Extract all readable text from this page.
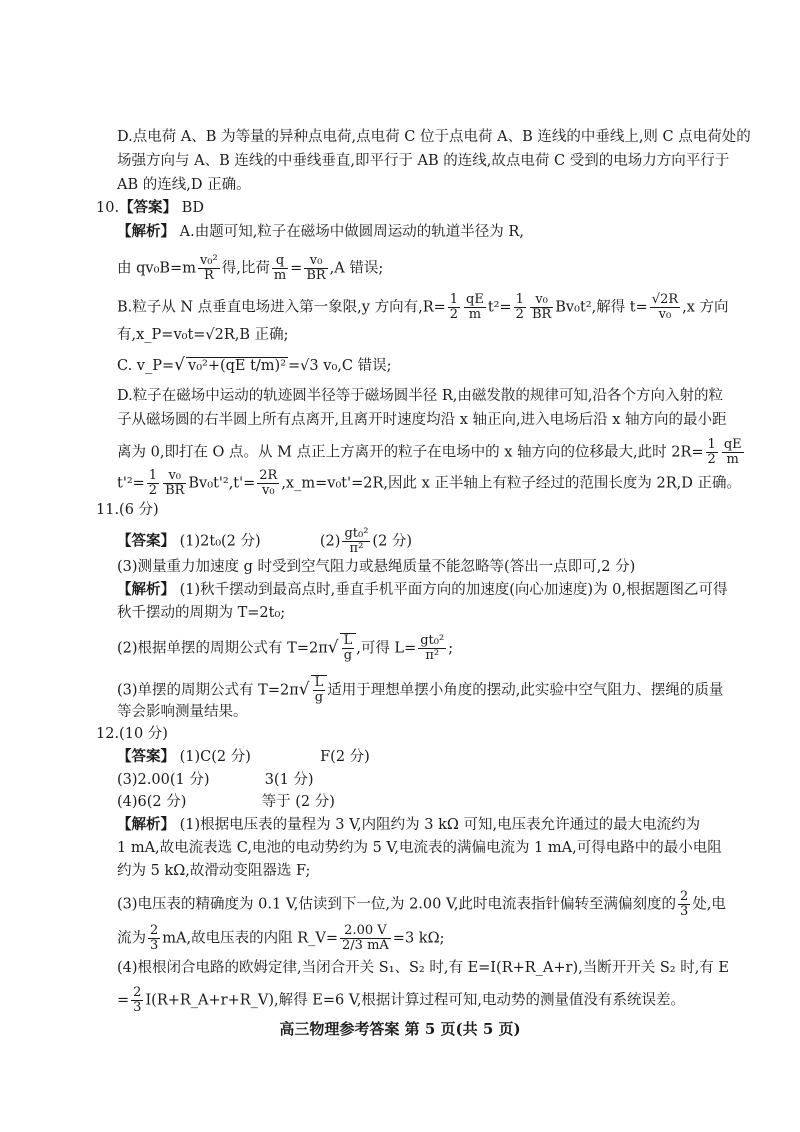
D.点电荷 A、B 为等量的异种点电荷,点电荷 C 位于点电荷 A、B 连线的中垂线上,则 C 点电荷处的
场强方向与 A、B 连线的中垂线垂直,即平行于 AB 的连线,故点电荷 C 受到的电场力方向平行于
AB 的连线,D 正确。
10.【答案】 BD
【解析】 A.由题可知,粒子在磁场中做圆周运动的轨道半径为 R,
由 $qv_0B=m \frac{\text{v₀²}}{R}$ 得,比荷 $\frac{q}{m} = \frac{\text{v₀}}{BR} ,A$ 错误;
B.粒子从 N 点垂直电场进入第一象限,y 方向有$,R= \frac{1}{2} \frac{qE}{m} t^2= \frac{1}{2} \frac{\text{v₀}}{BR} Bv_0t^2$,解得 $t= \frac{√2R}{\text{v₀}} ,x$ 方向
有,x_P=v₀t=√2R,B 正确;
C. v_P=√ v₀²+(qE t/m)² =√3 v₀,C 错误;
D.粒子在磁场中运动的轨迹圆半径等于磁场圆半径 R,由磁发散的规律可知,沿各个方向入射的粒
子从磁场圆的右半圆上所有点离开,且离开时速度均沿 x 轴正向,进入电场后沿 x 轴方向的最小距
离为 0,即打在 O 点。从 M 点正上方离开的粒子在电场中的 x 轴方向的位移最大,此时 $2R= \frac{1}{2} \frac{qE}{m}$
$t'^2= \frac{1}{2} \frac{\text{v₀}}{BR} Bv_0t'^2,t'= \frac{2R}{\text{v₀}}$ ,x_m=v₀t'=2R,因此 x 正半轴上有粒子经过的范围长度为 2R,D 正确。
11.(6 分)
【答案】 (1)2t₀(2 分)	$(2) \frac{\text{gt₀²}}{\text{π²}} (2$ 分)
(3)测量重力加速度 g 时受到空气阻力或悬绳质量不能忽略等(答出一点即可,2 分)
【解析】 (1)秋千摆动到最高点时,垂直手机平面方向的加速度(向心加速度)为 0,根据题图乙可得
秋千摆动的周期为 T=2t₀;
(2)根据单摆的周期公式有 $T=2\pi√ \frac{L}{g}$ ,可得 $L= \frac{\text{gt₀²}}{\text{π²}}$ ;
(3)单摆的周期公式有 $T=2\pi√ \frac{L}{g}$ 适用于理想单摆小角度的摆动,此实验中空气阻力、摆绳的质量
等会影响测量结果。
12.(10 分)
【答案】 (1)C(2 分)	F(2 分)
(3)2.00(1 分)	3(1 分)
(4)6(2 分)	等于 (2 分)
【解析】 (1)根据电压表的量程为 3 V,内阻约为 3 kΩ 可知,电压表允许通过的最大电流约为
1 mA,故电流表选 C,电池的电动势约为 5 V,电流表的满偏电流为 1 mA,可得电路中的最小电阻
约为 5 kΩ,故滑动变阻器选 F;
(3)电压表的精确度为 0.1 V,估读到下一位,为 2.00 V,此时电流表指针偏转至满偏刻度的 $\frac{2}{3}$ 处,电
流为 $\frac{2}{3}$ mA,故电压表的内阻 R_V= $\frac{2.00 V}{2/3 mA} =3$ kΩ;
(4)根根闭合电路的欧姆定律,当闭合开关 S₁、S₂ 时,有 E=I(R+R_A+r),当断开开关 S₂ 时,有 E
= $\frac{2}{3}$ I(R+R_A+r+R_V),解得 E=6 V,根据计算过程可知,电动势的测量值没有系统误差。
高三物理参考答案 第 5 页(共 5 页)
